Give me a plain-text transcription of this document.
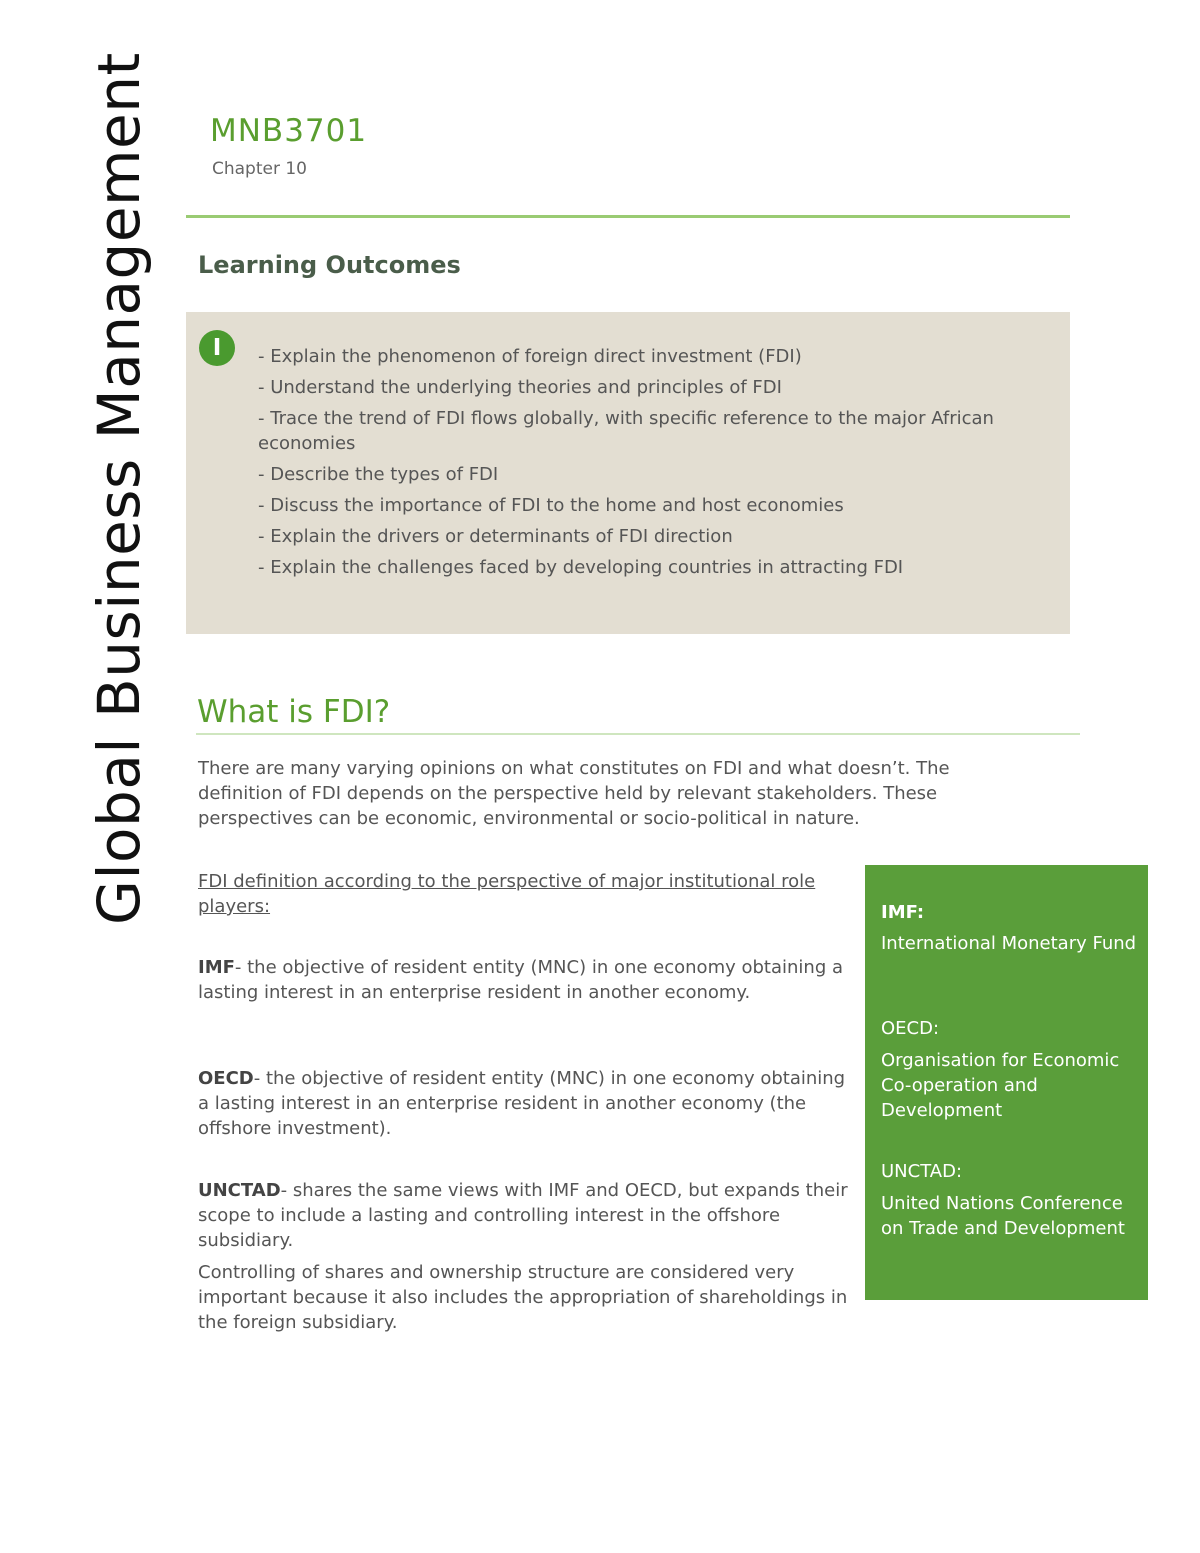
Global Business Management MNB3701
Chapter 10
Learning Outcomes
I	- Explain the phenomenon of foreign direct investment (FDI)
- Understand the underlying theories and principles of FDI
- Trace the trend of FDI flows globally, with specific reference to the major African economies
- Describe the types of FDI
- Discuss the importance of FDI to the home and host economies
- Explain the drivers or determinants of FDI direction
- Explain the challenges faced by developing countries in attracting FDI
What is FDI?

There are many varying opinions on what constitutes on FDI and what doesn’t. The definition of FDI depends on the perspective held by relevant stakeholders. These perspectives can be economic, environmental or socio-political in nature.

FDI definition according to the perspective of major institutional role players:

IMF- the objective of resident entity (MNC) in one economy obtaining a lasting interest in an enterprise resident in another economy.

OECD- the objective of resident entity (MNC) in one economy obtaining a lasting interest in an enterprise resident in another economy (the offshore investment).

UNCTAD- shares the same views with IMF and OECD, but expands their scope to include a lasting and controlling interest in the offshore subsidiary.

Controlling of shares and ownership structure are considered very important because it also includes the appropriation of shareholdings in the foreign subsidiary.

IMF:
International Monetary Fund
OECD:
Organisation for Economic Co-operation and Development
UNCTAD:
United Nations Conference on Trade and Development
